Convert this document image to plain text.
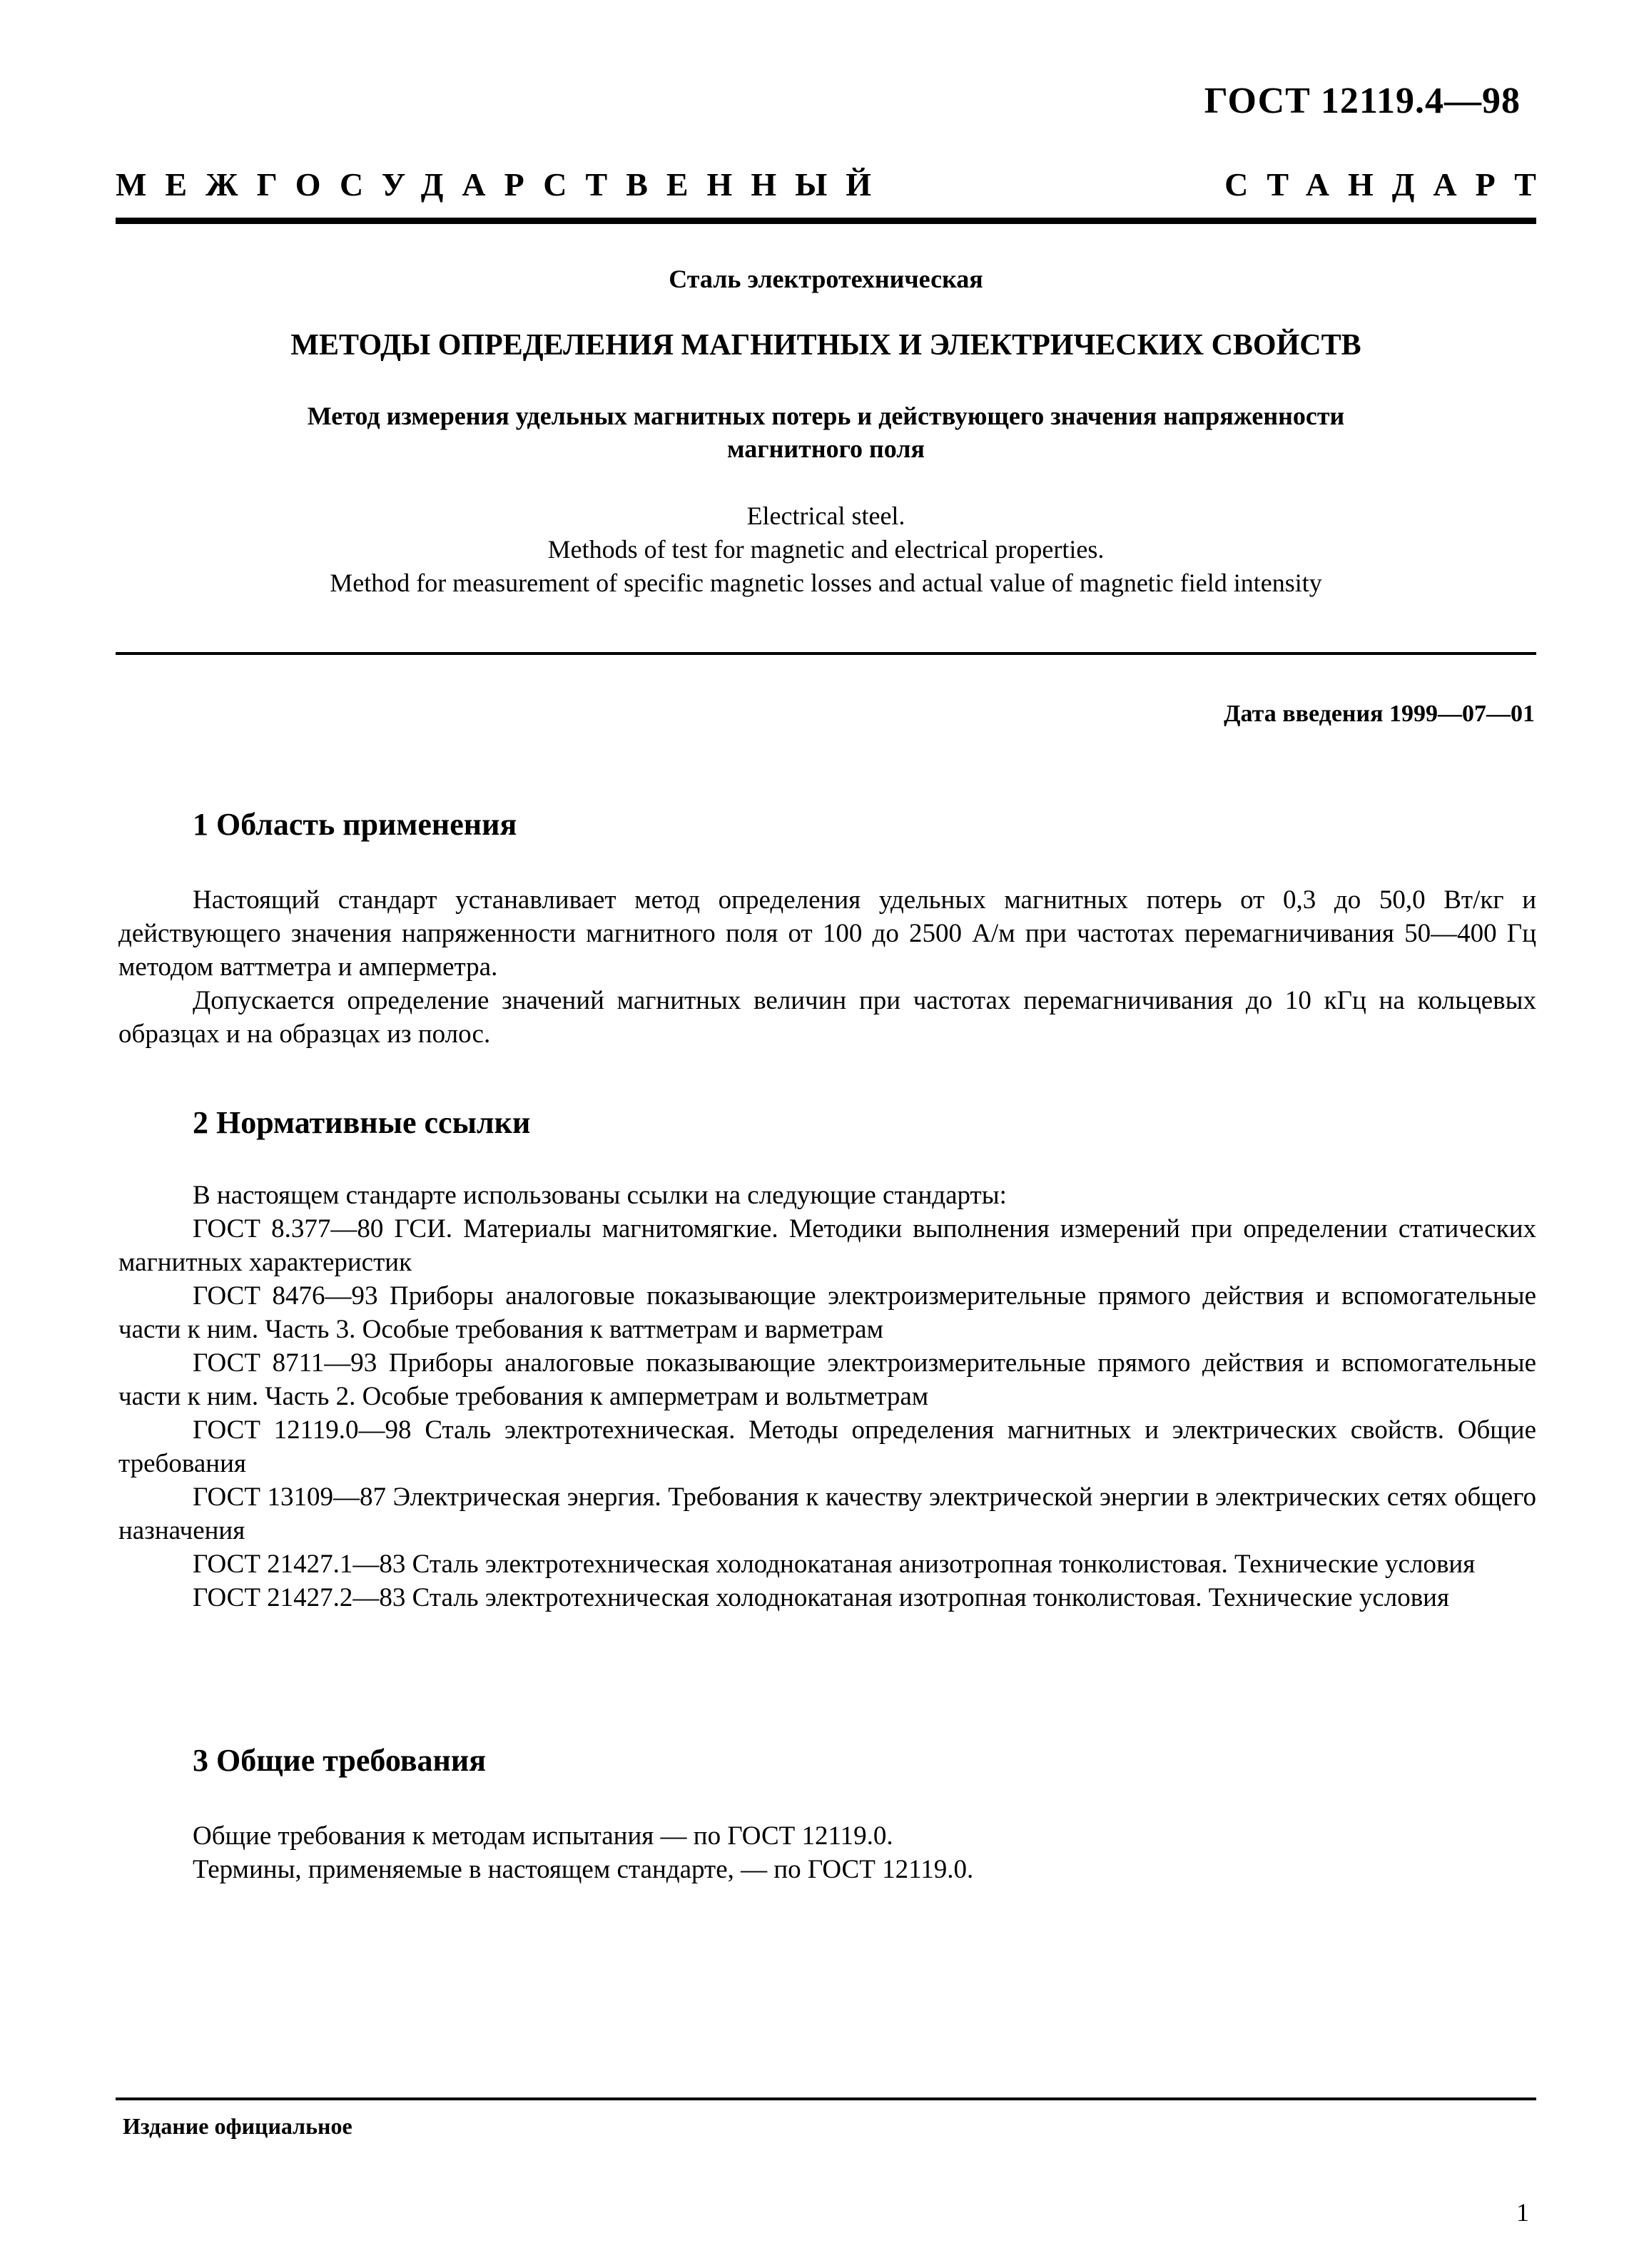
ГОСТ 12119.4—98
МЕЖГОСУДАРСТВЕННЫЙ	СТАНДАРТ
Сталь электротехническая
МЕТОДЫ ОПРЕДЕЛЕНИЯ МАГНИТНЫХ И ЭЛЕКТРИЧЕСКИХ СВОЙСТВ
Метод измерения удельных магнитных потерь и действующего значения напряженности
магнитного поля
Electrical steel.
Methods of test for magnetic and electrical properties.
Method for measurement of specific magnetic losses and actual value of magnetic field intensity
Дата введения 1999—07—01
1 Область применения

Настоящий стандарт устанавливает метод определения удельных магнитных потерь от 0,3 до 50,0 Вт/кг и действующего значения напряженности магнитного поля от 100 до 2500 А/м при частотах перемагничивания 50—400 Гц методом ваттметра и амперметра.

Допускается определение значений магнитных величин при частотах перемагничивания до 10 кГц на кольцевых образцах и на образцах из полос.

2 Нормативные ссылки

В настоящем стандарте использованы ссылки на следующие стандарты:

ГОСТ 8.377—80 ГСИ. Материалы магнитомягкие. Методики выполнения измерений при определении статических магнитных характеристик

ГОСТ 8476—93 Приборы аналоговые показывающие электроизмерительные прямого действия и вспомогательные части к ним. Часть 3. Особые требования к ваттметрам и варметрам

ГОСТ 8711—93 Приборы аналоговые показывающие электроизмерительные прямого действия и вспомогательные части к ним. Часть 2. Особые требования к амперметрам и вольтметрам

ГОСТ 12119.0—98 Сталь электротехническая. Методы определения магнитных и электрических свойств. Общие требования

ГОСТ 13109—87 Электрическая энергия. Требования к качеству электрической энергии в электрических сетях общего назначения

ГОСТ 21427.1—83 Сталь электротехническая холоднокатаная анизотропная тонколистовая. Технические условия

ГОСТ 21427.2—83 Сталь электротехническая холоднокатаная изотропная тонколистовая. Технические условия

3 Общие требования

Общие требования к методам испытания — по ГОСТ 12119.0.

Термины, применяемые в настоящем стандарте, — по ГОСТ 12119.0.

Издание официальное
1
